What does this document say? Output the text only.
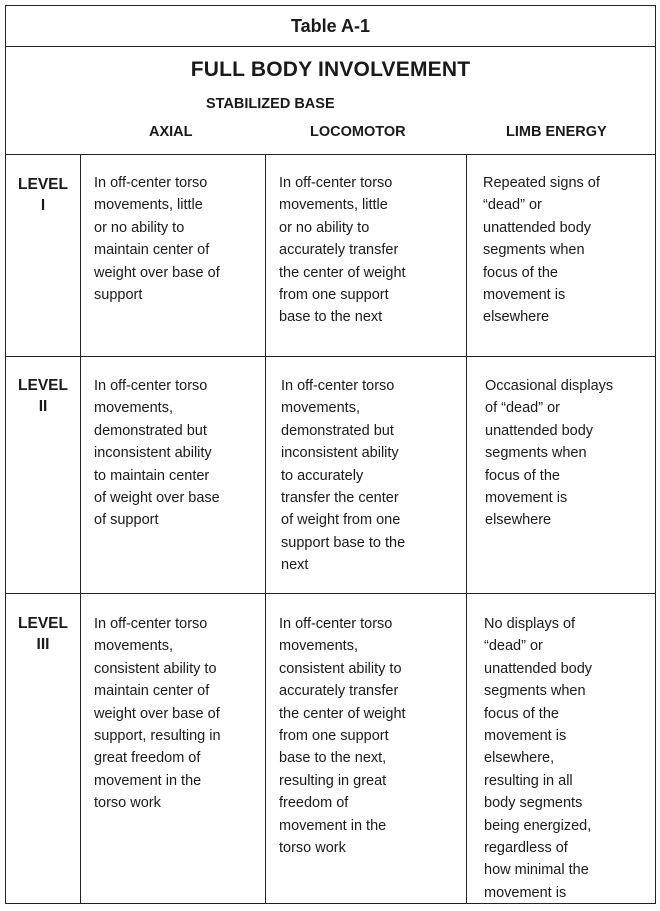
Table A-1
FULL BODY INVOLVEMENT
STABILIZED BASE
AXIAL	LOCOMOTOR	LIMB ENERGY
LEVEL
I
In off-center torso
movements, little
or no ability to
maintain center of
weight over base of
support
In off-center torso
movements, little
or no ability to
accurately transfer
the center of weight
from one support
base to the next
Repeated signs of
“dead” or
unattended body
segments when
focus of the
movement is
elsewhere
LEVEL
II
In off-center torso
movements,
demonstrated but
inconsistent ability
to maintain center
of weight over base
of support
In off-center torso
movements,
demonstrated but
inconsistent ability
to accurately
transfer the center
of weight from one
support base to the
next
Occasional displays
of “dead” or
unattended body
segments when
focus of the
movement is
elsewhere
LEVEL
III
In off-center torso
movements,
consistent ability to
maintain center of
weight over base of
support, resulting in
great freedom of
movement in the
torso work
In off-center torso
movements,
consistent ability to
accurately transfer
the center of weight
from one support
base to the next,
resulting in great
freedom of
movement in the
torso work
No displays of
“dead” or
unattended body
segments when
focus of the
movement is
elsewhere,
resulting in all
body segments
being energized,
regardless of
how minimal the
movement is
